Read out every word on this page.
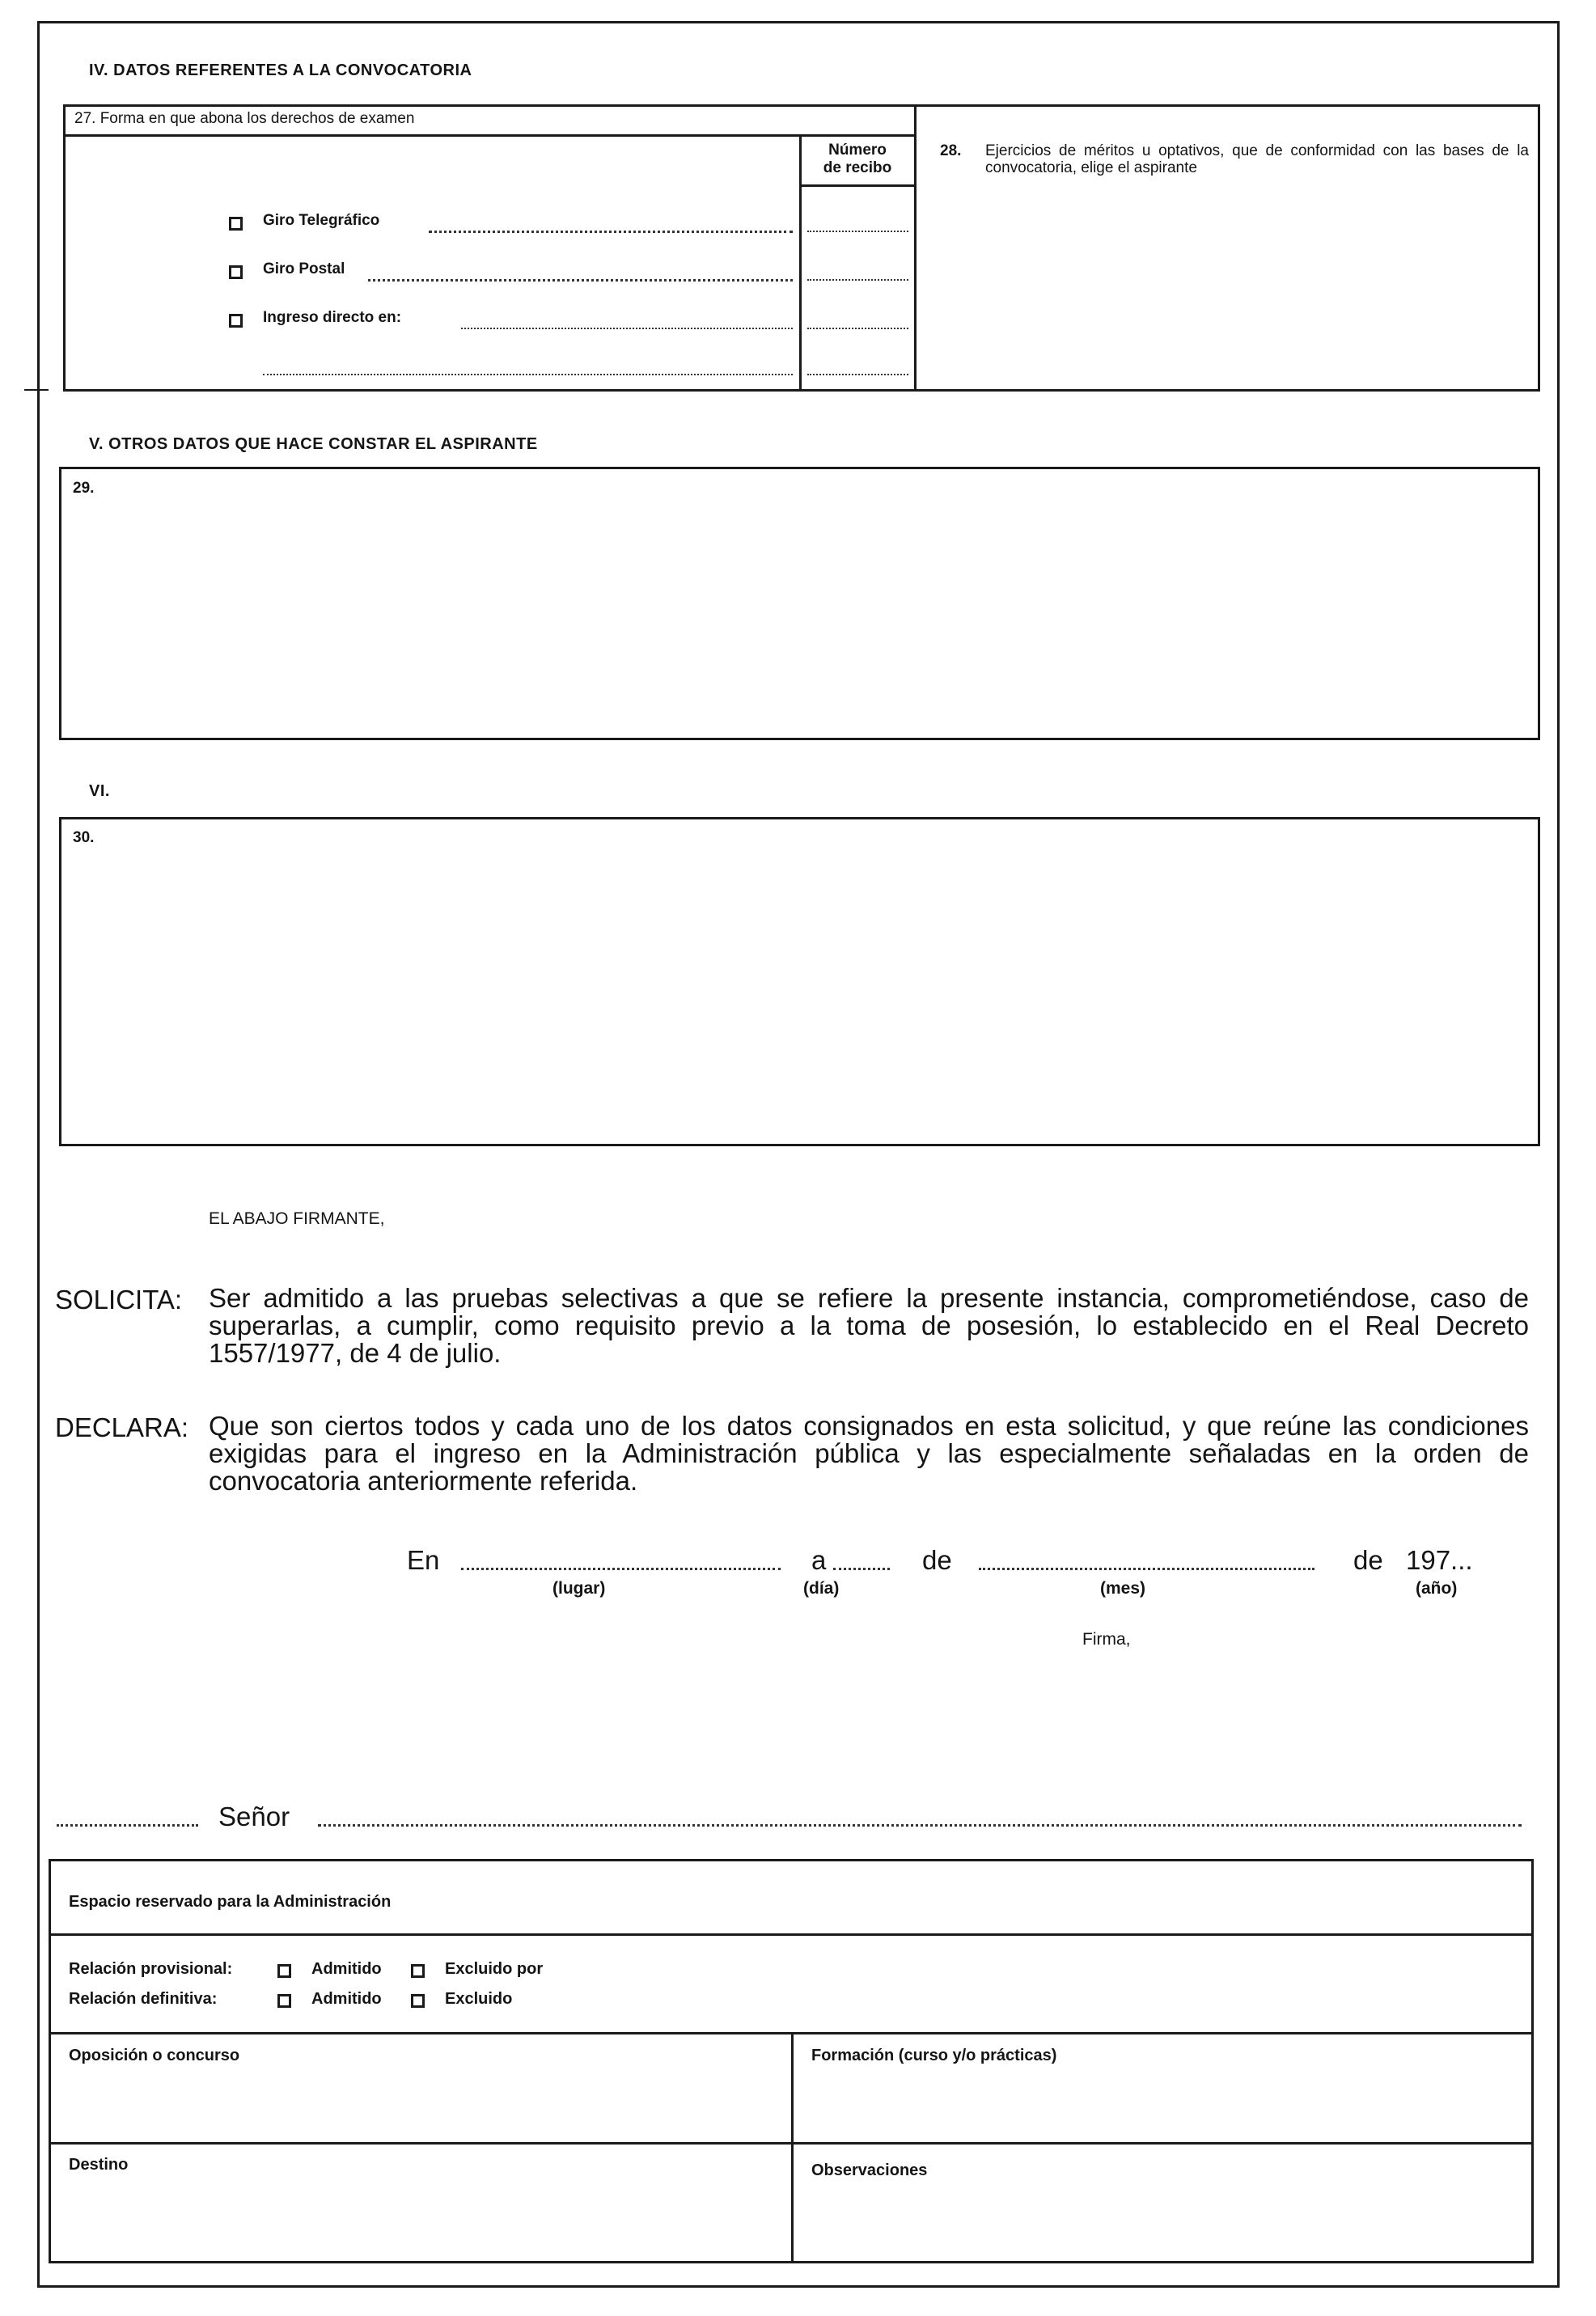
IV. DATOS REFERENTES A LA CONVOCATORIA
27. Forma en que abona los derechos de examen
Número
de recibo
Giro Telegráfico
Giro Postal
Ingreso directo en:
28. Ejercicios de méritos u optativos, que de conformidad con las bases de la convocatoria, elige el aspirante
V. OTROS DATOS QUE HACE CONSTAR EL ASPIRANTE
29.
VI.
30.
EL ABAJO FIRMANTE,
SOLICITA: Ser admitido a las pruebas selectivas a que se refiere la presente instancia, comprometiéndose, caso de superarlas, a cumplir, como requisito previo a la toma de posesión, lo establecido en el Real Decreto 1557/1977, de 4 de julio.
DECLARA: Que son ciertos todos y cada uno de los datos consignados en esta solicitud, y que reúne las condiciones exigidas para el ingreso en la Administración pública y las especialmente señaladas en la orden de convocatoria anteriormente referida.
En	a	de	de 197...
(lugar)	(día)	(mes)	(año)
Firma,
Señor
Espacio reservado para la Administración
Relación provisional:	Admitido	Excluido por
Relación definitiva:	Admitido	Excluido
Oposición o concurso	Formación (curso y/o prácticas)
Destino	Observaciones
